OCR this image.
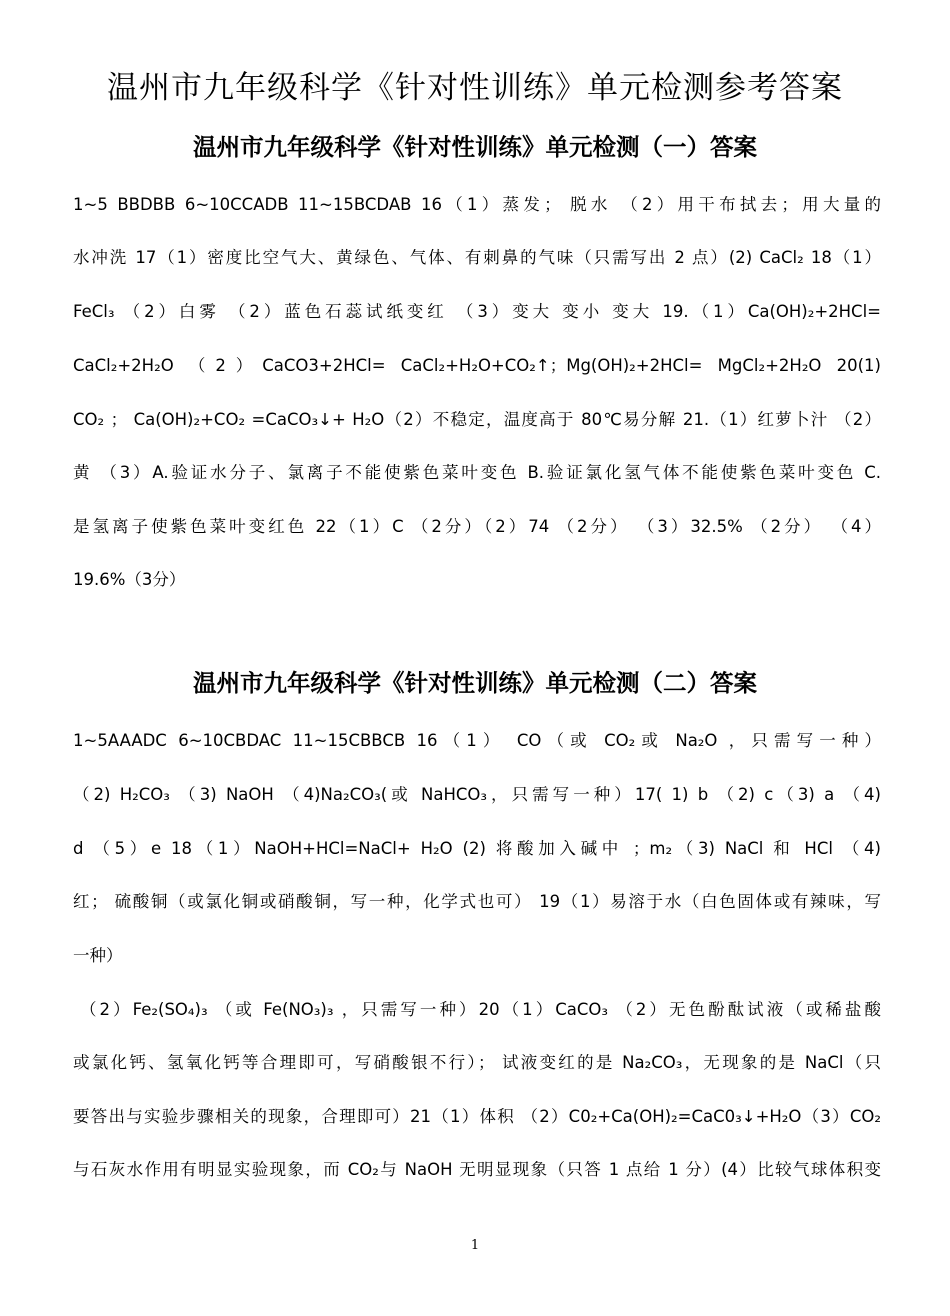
温州市九年级科学《针对性训练》单元检测参考答案
温州市九年级科学《针对性训练》单元检测（一）答案
1~5 BBDBB 6~10CCADB 11~15BCDAB 16（1）蒸发； 脱水 （2）用干布拭去；用大量的
水冲洗 17（1）密度比空气大、黄绿色、气体、有刺鼻的气味（只需写出 2 点）(2) CaCl₂ 18（1）
FeCl₃ （2）白雾 （2）蓝色石蕊试纸变红 （3）变大 变小 变大 19.（1）Ca(OH)₂+2HCl=
CaCl₂+2H₂O （2）CaCO3+2HCl= CaCl₂+H₂O+CO₂↑；Mg(OH)₂+2HCl= MgCl₂+2H₂O 20(1)
CO₂ ； Ca(OH)₂+CO₂ =CaCO₃↓+ H₂O（2）不稳定，温度高于 80℃易分解 21.（1）红萝卜汁 （2）
黄 （3）A.验证水分子、氯离子不能使紫色菜叶变色 B.验证氯化氢气体不能使紫色菜叶变色 C.
是氢离子使紫色菜叶变红色 22（1）C （2分）（2）74 （2分） （3）32.5% （2分） （4）
19.6%（3分）
温州市九年级科学《针对性训练》单元检测（二）答案
1~5AAADC 6~10CBDAC 11~15CBBCB 16（1） CO（或 CO₂或 Na₂O ，只需写一种）
（2) H₂CO₃ （3) NaOH （4)Na₂CO₃(或 NaHCO₃，只需写一种）17( 1) b （2) c（3) a （4)
d （5）e 18（1）NaOH+HCl=NaCl+ H₂O (2) 将酸加入碱中 ；m₂（3) NaCl 和 HCl （4)
红； 硫酸铜（或氯化铜或硝酸铜，写一种，化学式也可） 19（1）易溶于水（白色固体或有辣味，写
一种）
（2）Fe₂(SO₄)₃ （或 Fe(NO₃)₃ ，只需写一种）20（1）CaCO₃ （2）无色酚酞试液（或稀盐酸
或氯化钙、氢氧化钙等合理即可，写硝酸银不行）； 试液变红的是 Na₂CO₃，无现象的是 NaCl（只
要答出与实验步骤相关的现象，合理即可）21（1）体积 （2）C0₂+Ca(OH)₂=CaC0₃↓+H₂O（3）CO₂
与石灰水作用有明显实验现象，而 CO₂与 NaOH 无明显现象（只答 1 点给 1 分）(4）比较气球体积变
1
